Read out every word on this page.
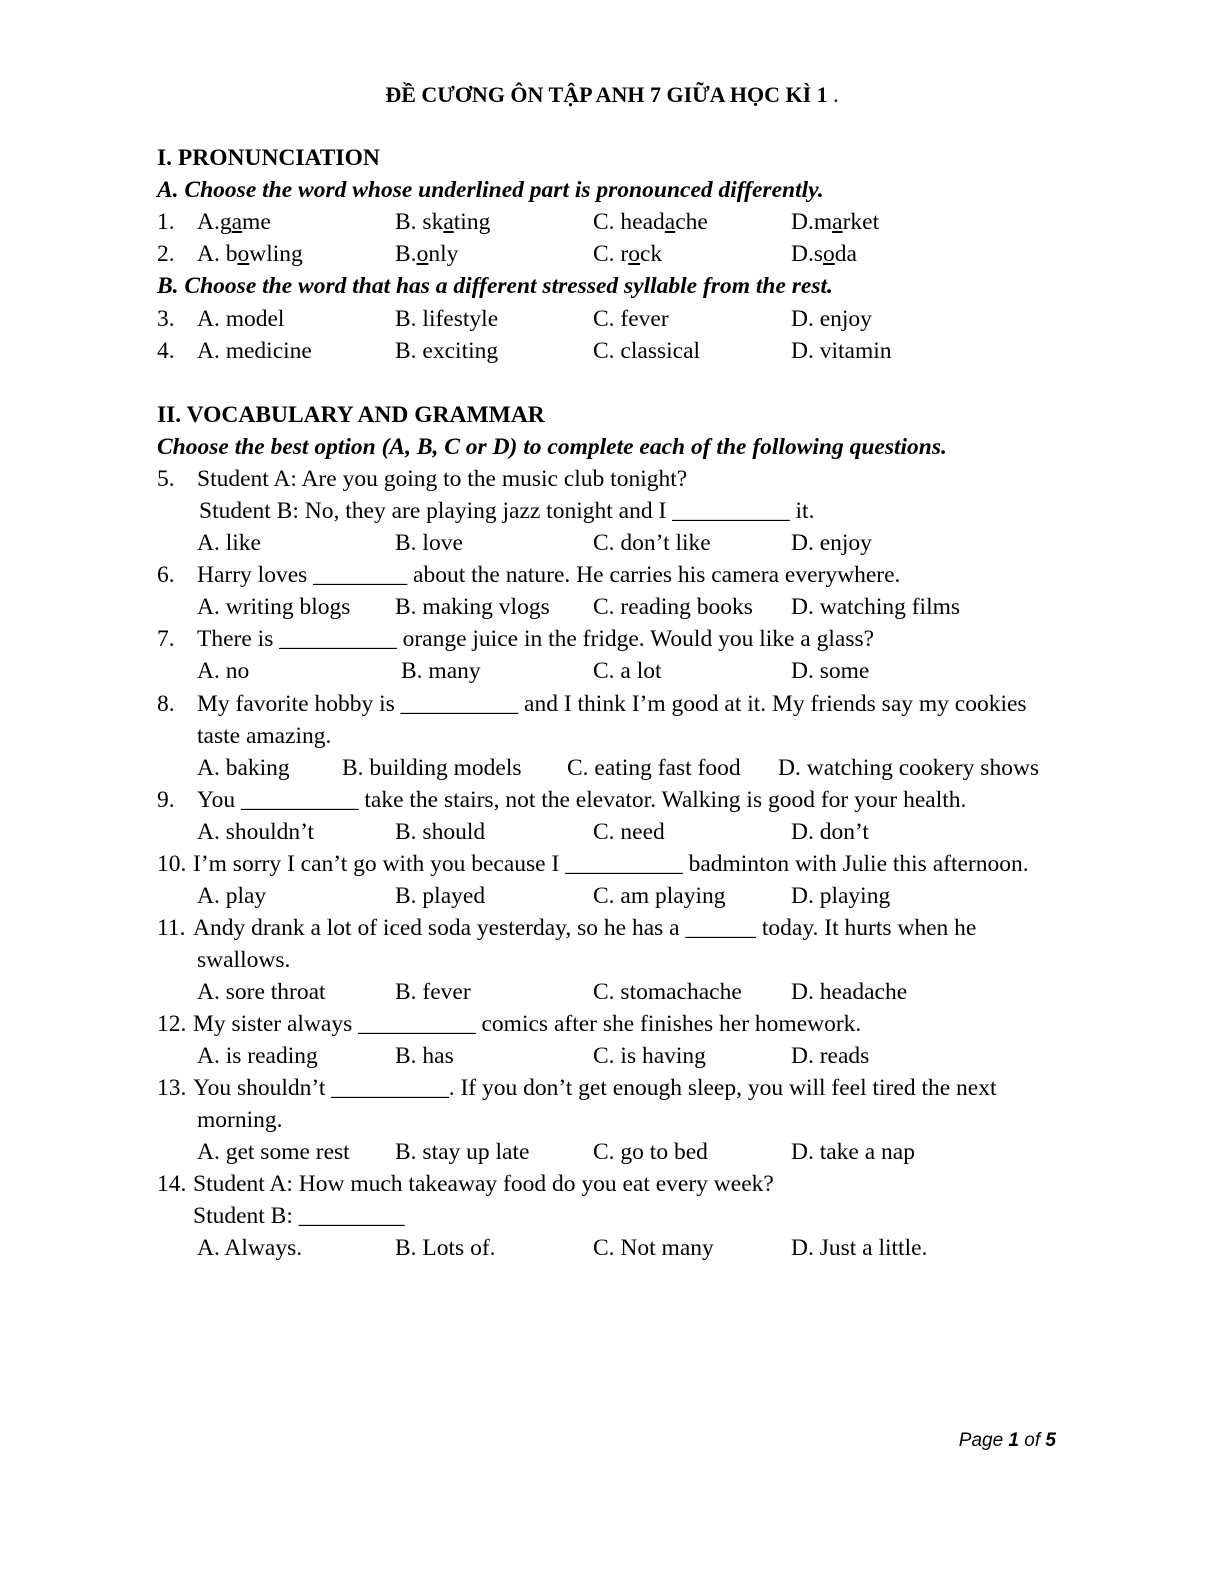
ĐỀ CƯƠNG ÔN TẬP ANH 7 GIỮA HỌC KÌ 1 .
I. PRONUNCIATION
A. Choose the word whose underlined part is pronounced differently.
1. A.game	B. skating	C. headache	D.market
2. A. bowling	B.only	C. rock	D.soda
B. Choose the word that has a different stressed syllable from the rest.
3. A. model	B. lifestyle	C. fever	D. enjoy
4. A. medicine	B. exciting	C. classical	D. vitamin
II. VOCABULARY AND GRAMMAR
Choose the best option (A, B, C or D) to complete each of the following questions.
5. Student A: Are you going to the music club tonight?
Student B: No, they are playing jazz tonight and I __________ it.
A. like	B. love	C. don’t like	D. enjoy
6. Harry loves ________ about the nature. He carries his camera everywhere.
A. writing blogs B. making vlogs C. reading books D. watching films
7. There is __________ orange juice in the fridge. Would you like a glass?
A. no	B. many	C. a lot	D. some
8. My favorite hobby is __________ and I think I’m good at it. My friends say my cookies
taste amazing.
A. baking B. building models C. eating fast food D. watching cookery shows
9. You __________ take the stairs, not the elevator. Walking is good for your health.
A. shouldn’t	B. should	C. need	D. don’t
10. I’m sorry I can’t go with you because I __________ badminton with Julie this afternoon.
A. play	B. played	C. am playing	D. playing
11. Andy drank a lot of iced soda yesterday, so he has a ______ today. It hurts when he
swallows.
A. sore throat	B. fever	C. stomachache D. headache
12. My sister always __________ comics after she finishes her homework.
A. is reading	B. has	C. is having	D. reads
13. You shouldn’t __________. If you don’t get enough sleep, you will feel tired the next
morning.
A. get some rest B. stay up late	C. go to bed	D. take a nap
14. Student A: How much takeaway food do you eat every week?
Student B: _________
A. Always.	B. Lots of.	C. Not many	D. Just a little.
Page 1 of 5
